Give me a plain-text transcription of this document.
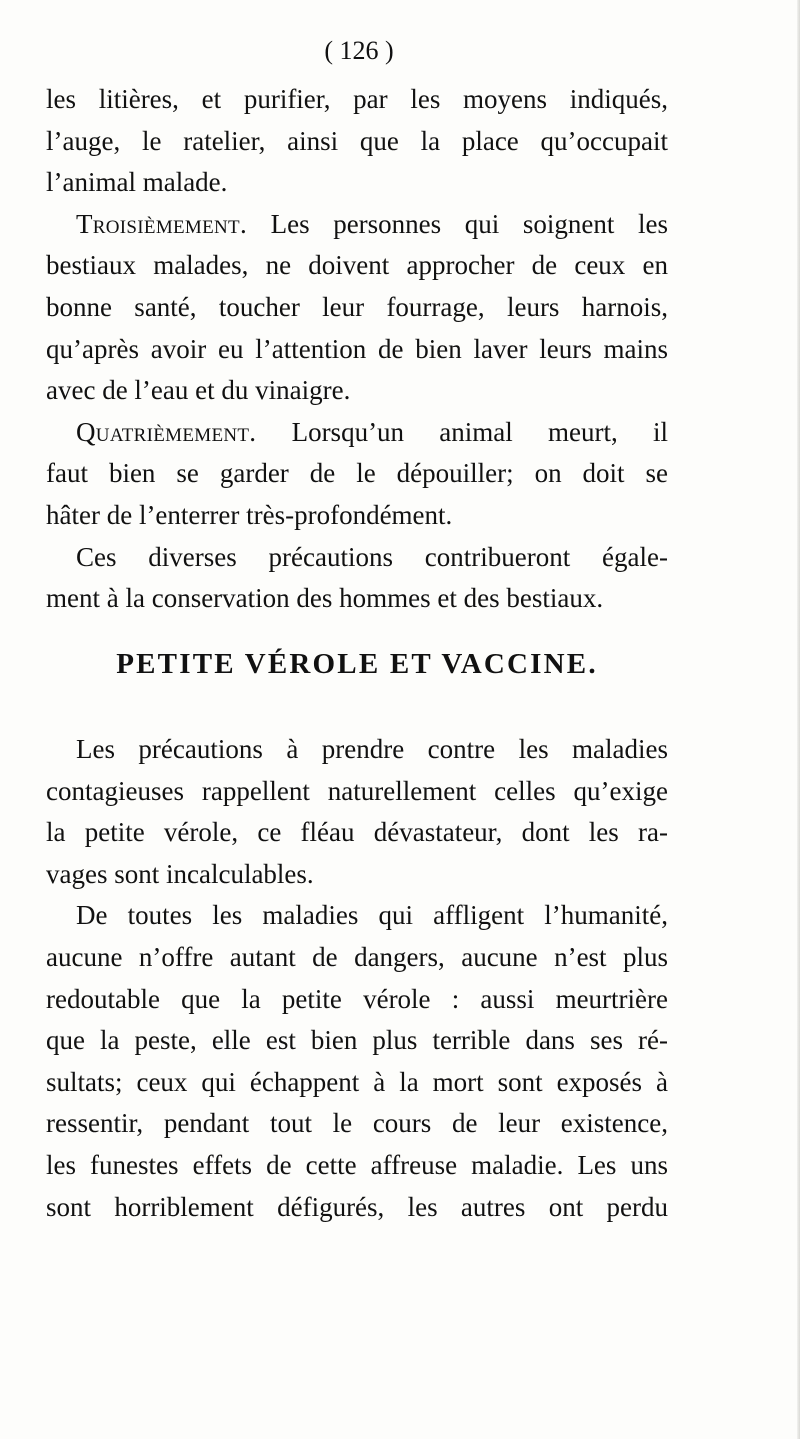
( 126 )

les litières, et purifier, par les moyens indiqués,
l’auge, le ratelier, ainsi que la place qu’occupait
l’animal malade.
Troisièmement. Les personnes qui soignent les
bestiaux malades, ne doivent approcher de ceux en
bonne santé, toucher leur fourrage, leurs harnois,
qu’après avoir eu l’attention de bien laver leurs mains
avec de l’eau et du vinaigre.
Quatrièmement. Lorsqu’un animal meurt, il
faut bien se garder de le dépouiller; on doit se
hâter de l’enterrer très-profondément.
Ces diverses précautions contribueront égale-
ment à la conservation des hommes et des bestiaux.
PETITE VÉROLE ET VACCINE.
Les précautions à prendre contre les maladies
contagieuses rappellent naturellement celles qu’exige
la petite vérole, ce fléau dévastateur, dont les ra-
vages sont incalculables.
De toutes les maladies qui affligent l’humanité,
aucune n’offre autant de dangers, aucune n’est plus
redoutable que la petite vérole : aussi meurtrière
que la peste, elle est bien plus terrible dans ses ré-
sultats; ceux qui échappent à la mort sont exposés à
ressentir, pendant tout le cours de leur existence,
les funestes effets de cette affreuse maladie. Les uns
sont horriblement défigurés, les autres ont perdu
